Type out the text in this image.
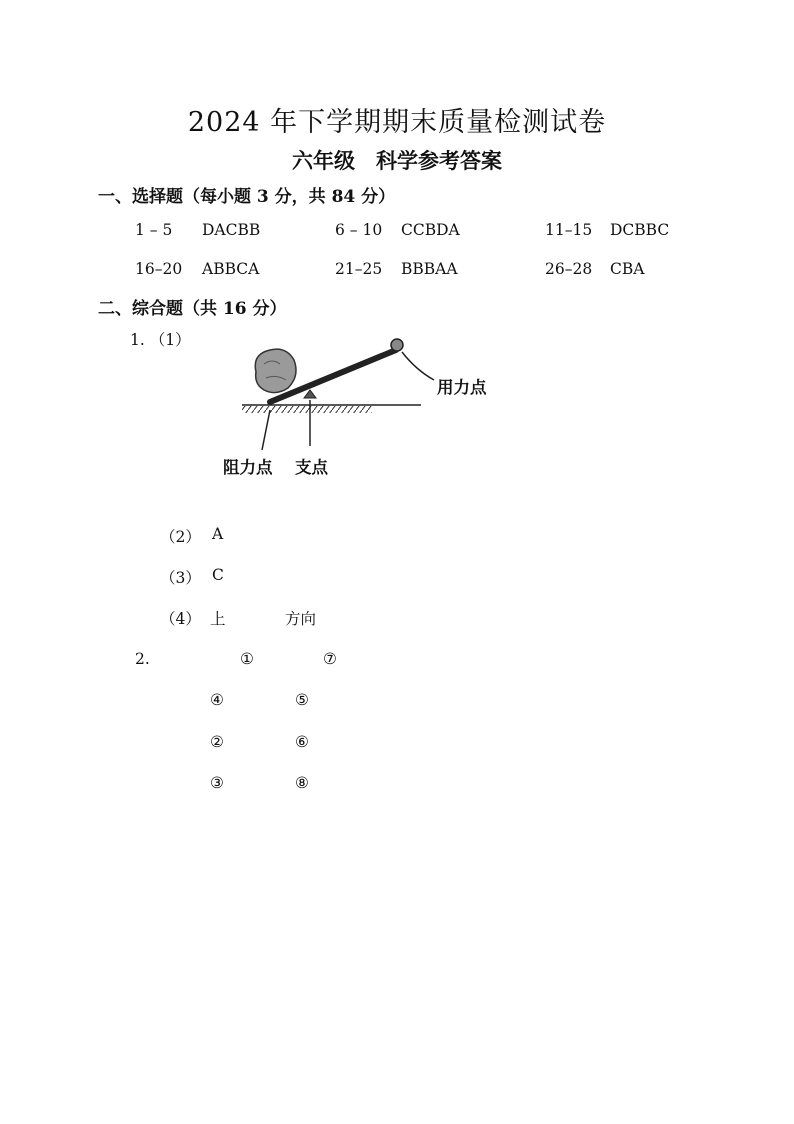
2024 年下学期期末质量检测试卷
六年级　科学参考答案
一、选择题（每小题 3 分，共 84 分）
1 – 5 DACBB	6 – 10 CCBDA	11–15 DCBBC
16–20 ABBCA	21–25 BBBAA	26–28 CBA
二、综合题（共 16 分）
1. （1）
用力点
阻力点 支点
（2） A
（3） C
（4） 上	方向
2.	①	⑦
④	⑤
②	⑥
③	⑧
